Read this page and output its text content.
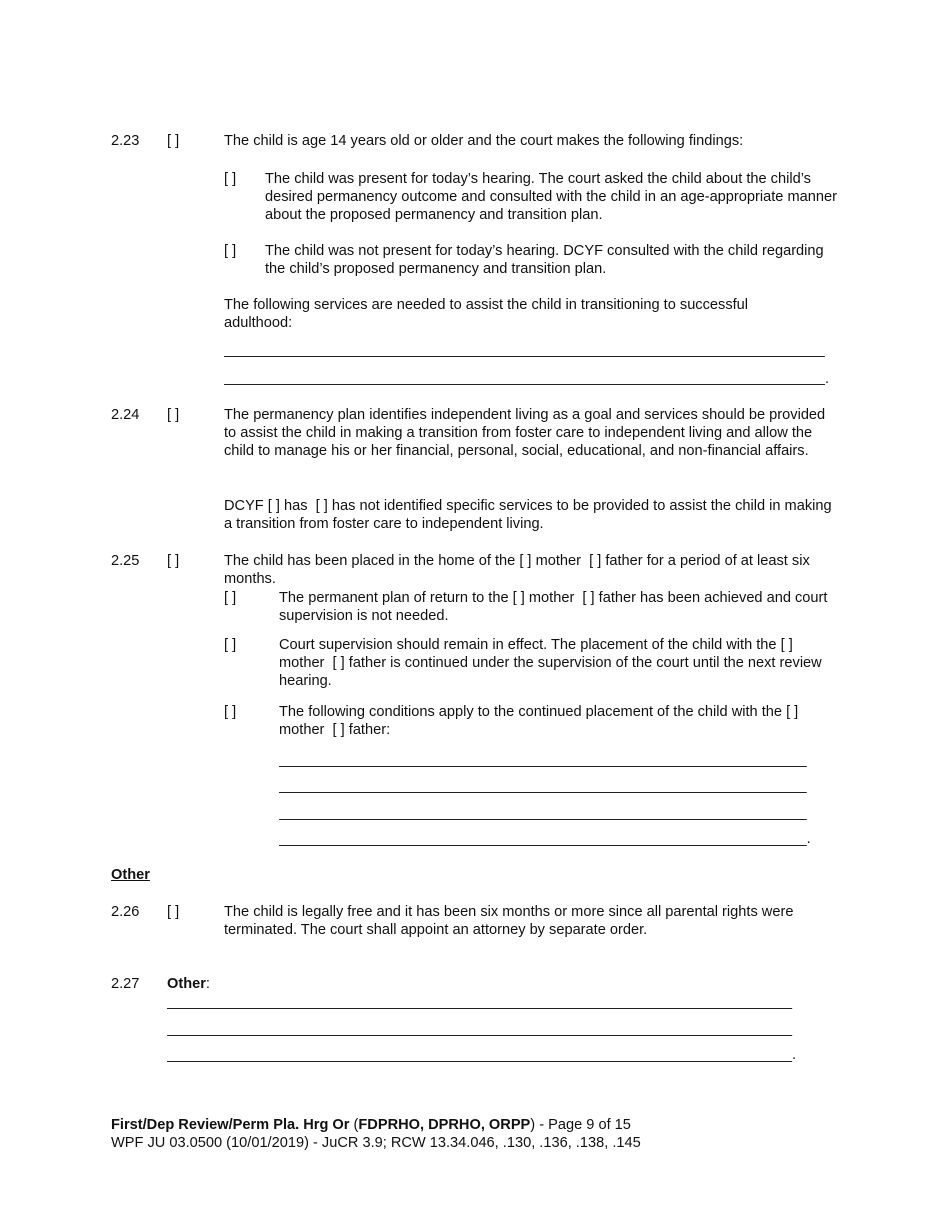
2.23 [ ]	The child is age 14 years old or older and the court makes the following findings:
[ ] The child was present for today’s hearing. The court asked the child about the child’s desired permanency outcome and consulted with the child in an age-appropriate manner about the proposed permanency and transition plan.
[ ] The child was not present for today’s hearing. DCYF consulted with the child regarding the child’s proposed permanency and transition plan.
The following services are needed to assist the child in transitioning to successful adulthood:
.
2.24 [ ]	The permanency plan identifies independent living as a goal and services should be provided to assist the child in making a transition from foster care to independent living and allow the child to manage his or her financial, personal, social, educational, and non-financial affairs.
DCYF [ ] has [ ] has not identified specific services to be provided to assist the child in making a transition from foster care to independent living.
2.25 [ ]	The child has been placed in the home of the [ ] mother [ ] father for a period of at least six months.
[ ]	The permanent plan of return to the [ ] mother [ ] father has been achieved and court supervision is not needed.
[ ]	Court supervision should remain in effect. The placement of the child with the [ ] mother [ ] father is continued under the supervision of the court until the next review hearing.
[ ]	The following conditions apply to the continued placement of the child with the [ ] mother [ ] father:
_________________________________________________________________
_________________________________________________________________
_________________________________________________________________
_________________________________________________________________.
Other
2.26 [ ]	The child is legally free and it has been six months or more since all parental rights were terminated. The court shall appoint an attorney by separate order.
2.27 Other:
_____________________________________________________________________________
_____________________________________________________________________________
_____________________________________________________________________________.
First/Dep Review/Perm Pla. Hrg Or (FDPRHO, DPRHO, ORPP) - Page 9 of 15
WPF JU 03.0500 (10/01/2019) - JuCR 3.9; RCW 13.34.046, .130, .136, .138, .145
